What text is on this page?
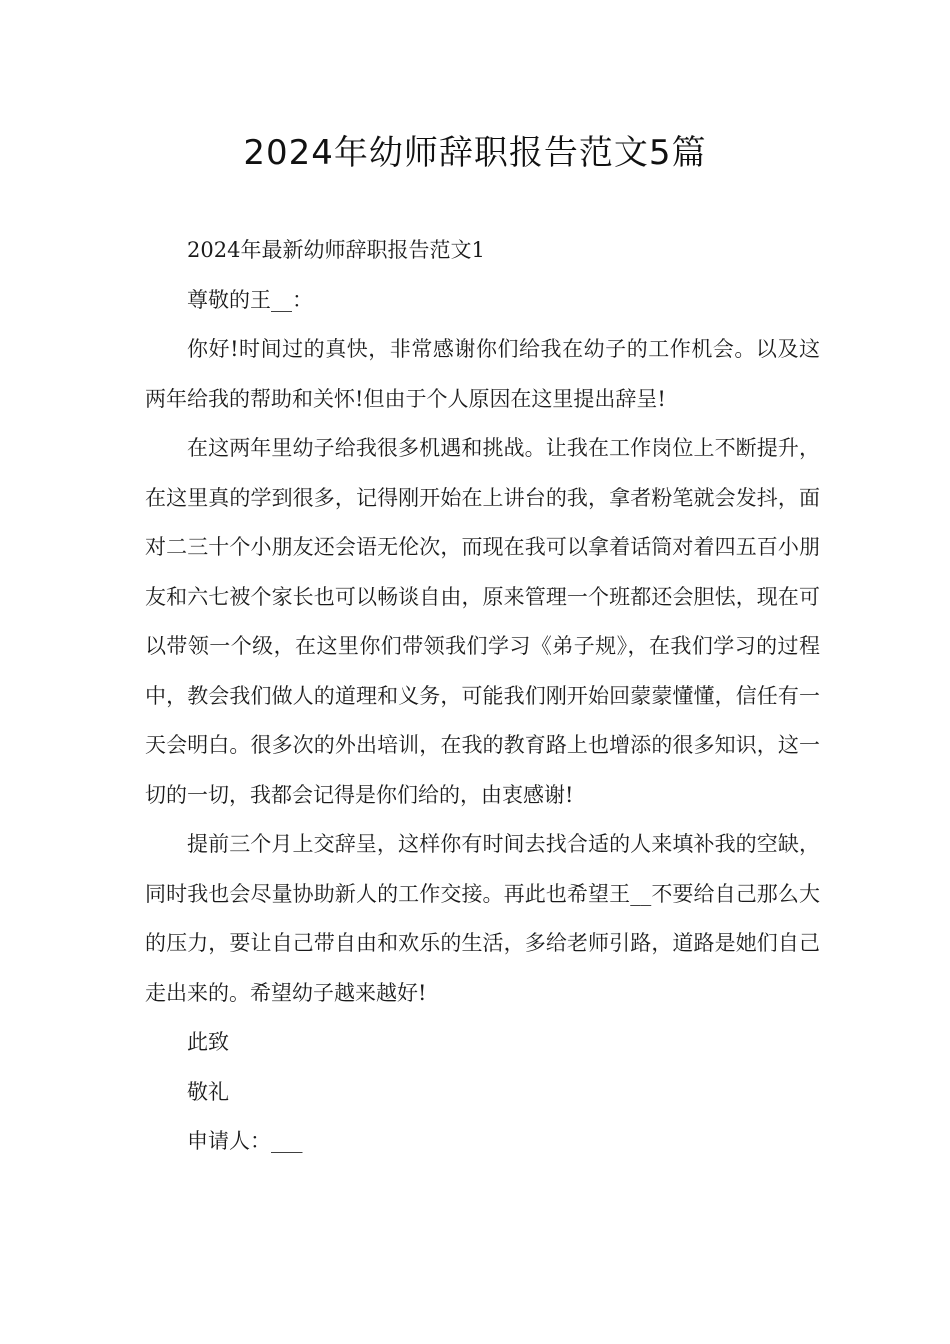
2024年幼师辞职报告范文5篇

2024年最新幼师辞职报告范文1

尊敬的王__：

你好!时间过的真快，非常感谢你们给我在幼子的工作机会。以及这两年给我的帮助和关怀!但由于个人原因在这里提出辞呈!

在这两年里幼子给我很多机遇和挑战。让我在工作岗位上不断提升，在这里真的学到很多，记得刚开始在上讲台的我，拿者粉笔就会发抖，面对二三十个小朋友还会语无伦次，而现在我可以拿着话筒对着四五百小朋友和六七被个家长也可以畅谈自由，原来管理一个班都还会胆怯，现在可以带领一个级，在这里你们带领我们学习《弟子规》，在我们学习的过程中，教会我们做人的道理和义务，可能我们刚开始回蒙蒙懂懂，信任有一天会明白。很多次的外出培训，在我的教育路上也增添的很多知识，这一切的一切，我都会记得是你们给的，由衷感谢!

提前三个月上交辞呈，这样你有时间去找合适的人来填补我的空缺，同时我也会尽量协助新人的工作交接。再此也希望王__不要给自己那么大的压力，要让自己带自由和欢乐的生活，多给老师引路，道路是她们自己走出来的。希望幼子越来越好!

此致

敬礼

申请人：___
